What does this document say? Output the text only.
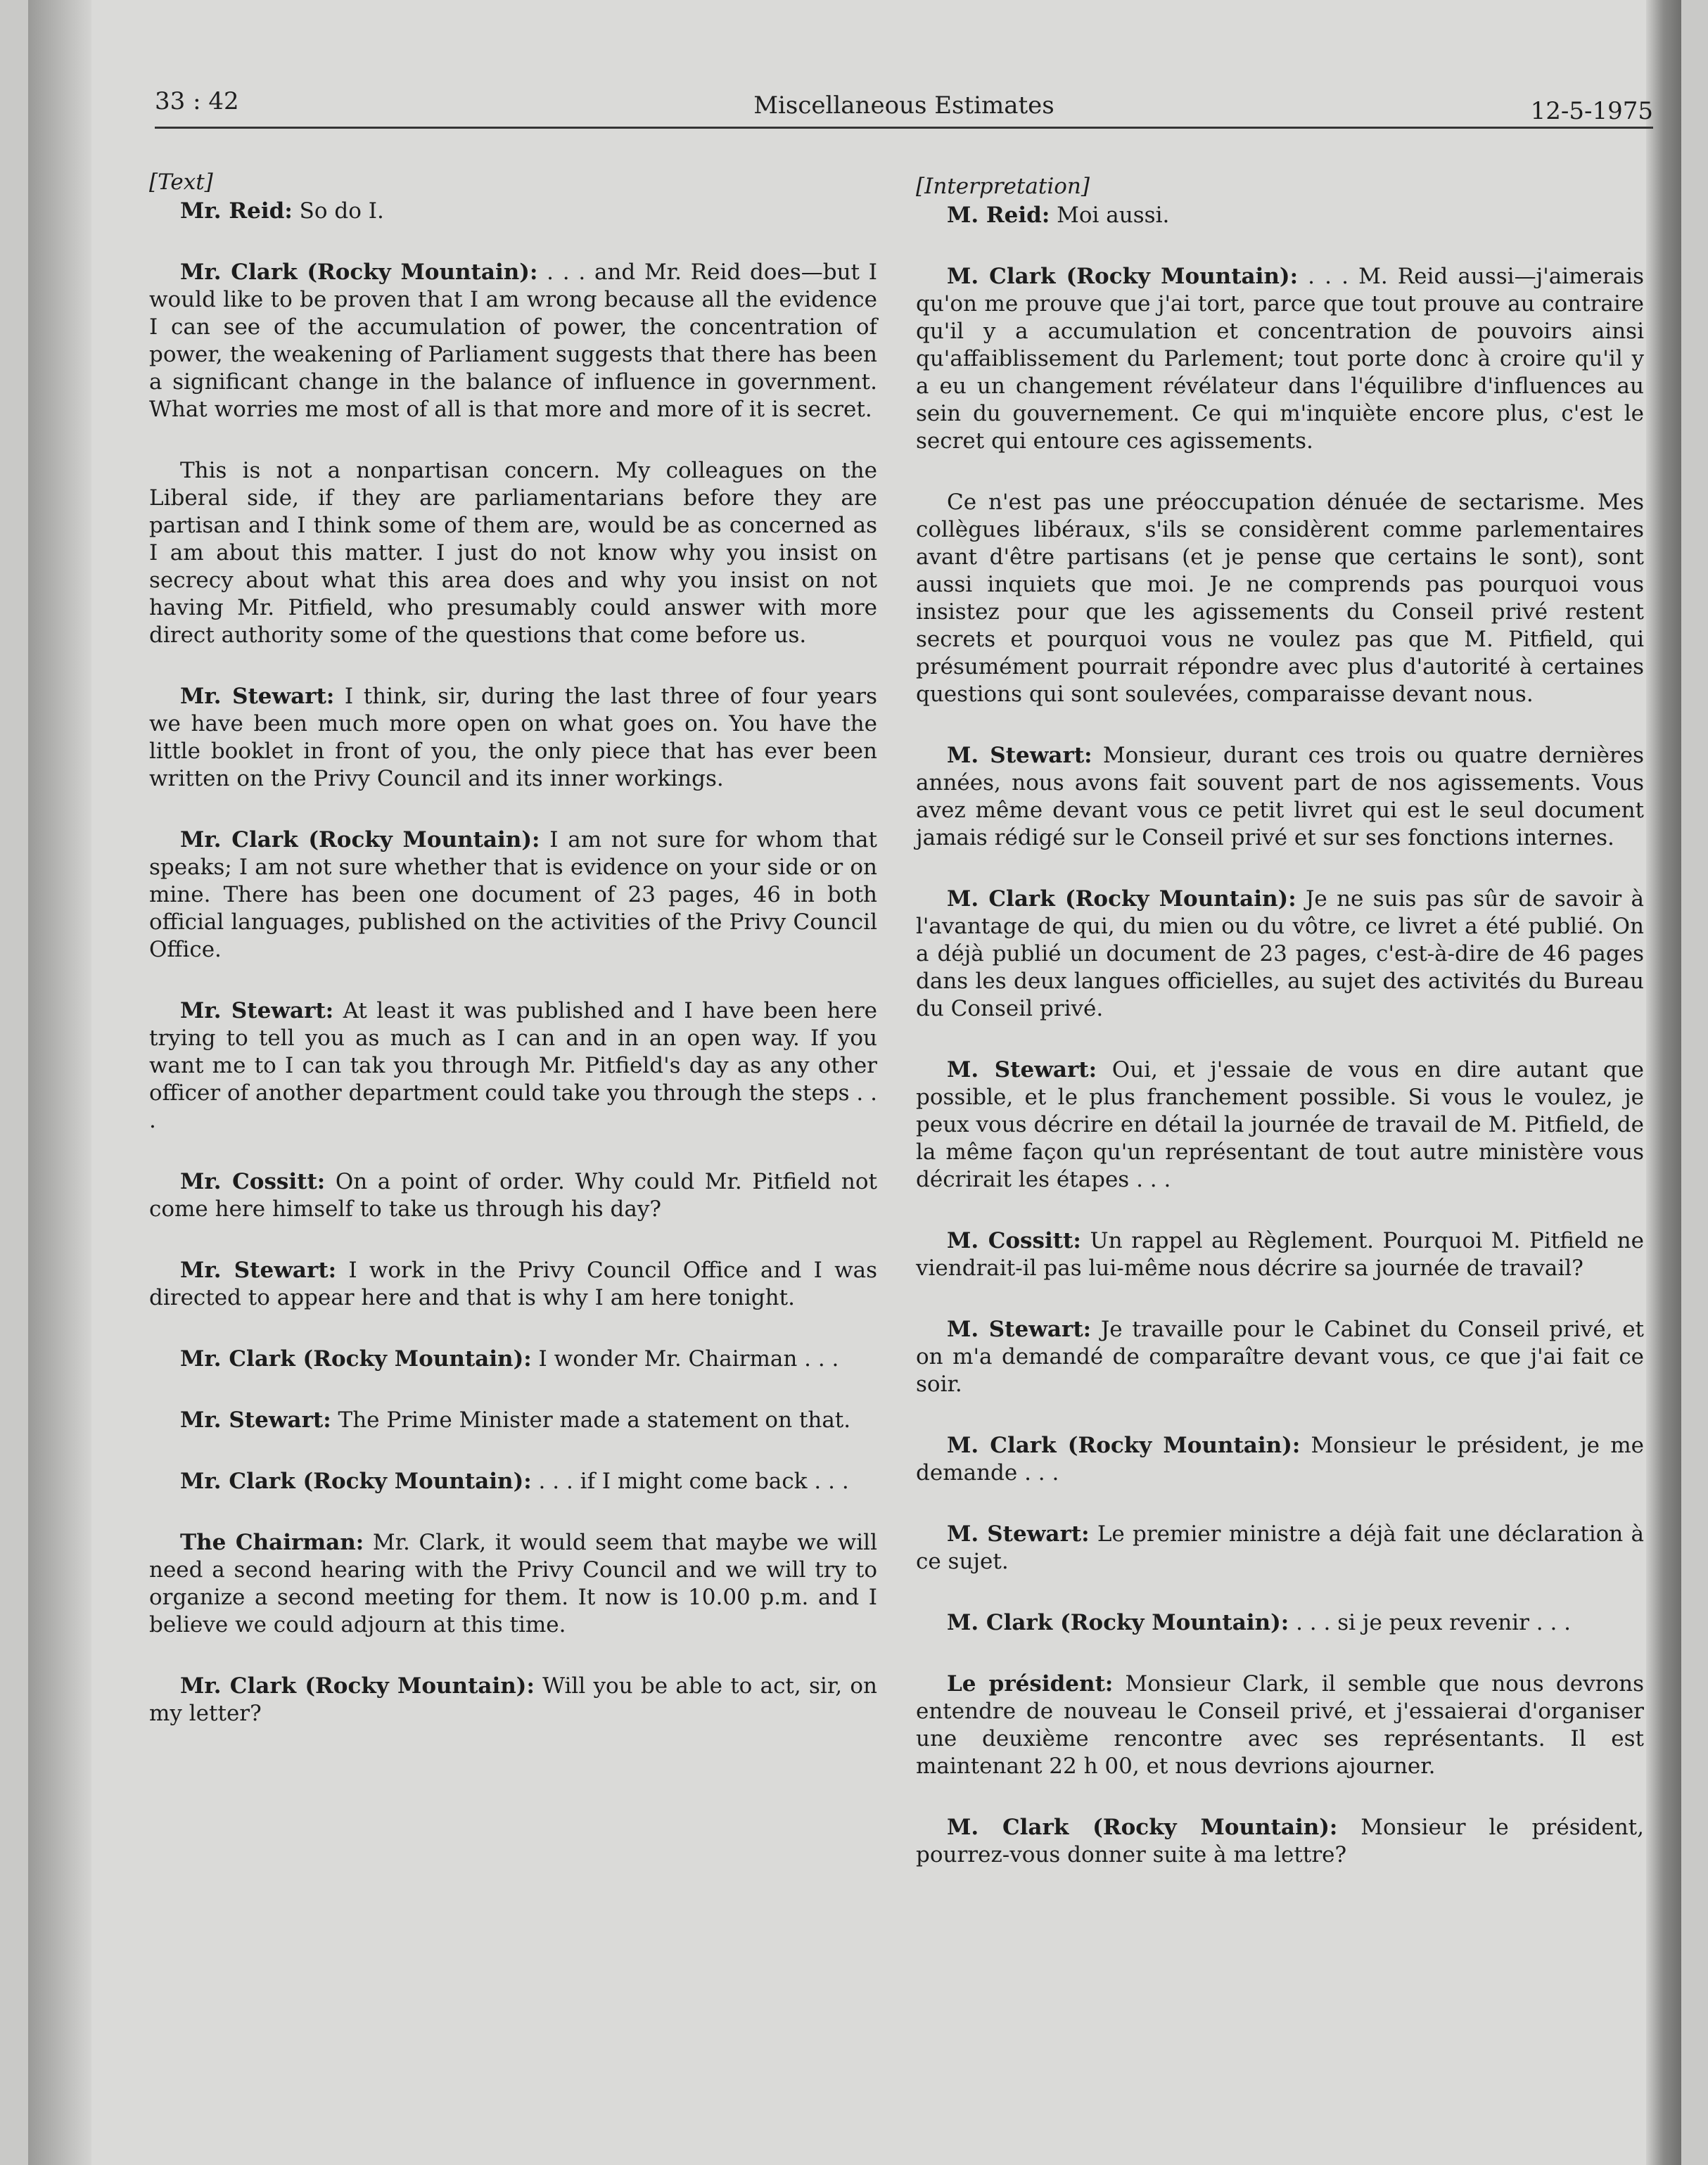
33 : 42	Miscellaneous Estimates	12-5-1975
[Text]
Mr. Reid: So do I.
Mr. Clark (Rocky Mountain): . . . and Mr. Reid does—but I would like to be proven that I am wrong because all the evidence I can see of the accumulation of power, the concentration of power, the weakening of Parliament suggests that there has been a significant change in the balance of influence in government. What worries me most of all is that more and more of it is secret.
This is not a nonpartisan concern. My colleagues on the Liberal side, if they are parliamentarians before they are partisan and I think some of them are, would be as concerned as I am about this matter. I just do not know why you insist on secrecy about what this area does and why you insist on not having Mr. Pitfield, who presumably could answer with more direct authority some of the questions that come before us.
Mr. Stewart: I think, sir, during the last three of four years we have been much more open on what goes on. You have the little booklet in front of you, the only piece that has ever been written on the Privy Council and its inner workings.
Mr. Clark (Rocky Mountain): I am not sure for whom that speaks; I am not sure whether that is evidence on your side or on mine. There has been one document of 23 pages, 46 in both official languages, published on the activities of the Privy Council Office.
Mr. Stewart: At least it was published and I have been here trying to tell you as much as I can and in an open way. If you want me to I can tak you through Mr. Pitfield's day as any other officer of another department could take you through the steps . . .
Mr. Cossitt: On a point of order. Why could Mr. Pitfield not come here himself to take us through his day?
Mr. Stewart: I work in the Privy Council Office and I was directed to appear here and that is why I am here tonight.
Mr. Clark (Rocky Mountain): I wonder Mr. Chairman . . .
Mr. Stewart: The Prime Minister made a statement on that.
Mr. Clark (Rocky Mountain): . . . if I might come back . . .
The Chairman: Mr. Clark, it would seem that maybe we will need a second hearing with the Privy Council and we will try to organize a second meeting for them. It now is 10.00 p.m. and I believe we could adjourn at this time.
Mr. Clark (Rocky Mountain): Will you be able to act, sir, on my letter?
[Interpretation]
M. Reid: Moi aussi.
M. Clark (Rocky Mountain): . . . M. Reid aussi—j'aimerais qu'on me prouve que j'ai tort, parce que tout prouve au contraire qu'il y a accumulation et concentration de pouvoirs ainsi qu'affaiblissement du Parlement; tout porte donc à croire qu'il y a eu un changement révélateur dans l'équilibre d'influences au sein du gouvernement. Ce qui m'inquiète encore plus, c'est le secret qui entoure ces agissements.
Ce n'est pas une préoccupation dénuée de sectarisme. Mes collègues libéraux, s'ils se considèrent comme parlementaires avant d'être partisans (et je pense que certains le sont), sont aussi inquiets que moi. Je ne comprends pas pourquoi vous insistez pour que les agissements du Conseil privé restent secrets et pourquoi vous ne voulez pas que M. Pitfield, qui présumément pourrait répondre avec plus d'autorité à certaines questions qui sont soulevées, comparaisse devant nous.
M. Stewart: Monsieur, durant ces trois ou quatre dernières années, nous avons fait souvent part de nos agissements. Vous avez même devant vous ce petit livret qui est le seul document jamais rédigé sur le Conseil privé et sur ses fonctions internes.
M. Clark (Rocky Mountain): Je ne suis pas sûr de savoir à l'avantage de qui, du mien ou du vôtre, ce livret a été publié. On a déjà publié un document de 23 pages, c'est-à-dire de 46 pages dans les deux langues officielles, au sujet des activités du Bureau du Conseil privé.
M. Stewart: Oui, et j'essaie de vous en dire autant que possible, et le plus franchement possible. Si vous le voulez, je peux vous décrire en détail la journée de travail de M. Pitfield, de la même façon qu'un représentant de tout autre ministère vous décrirait les étapes . . .
M. Cossitt: Un rappel au Règlement. Pourquoi M. Pitfield ne viendrait-il pas lui-même nous décrire sa journée de travail?
M. Stewart: Je travaille pour le Cabinet du Conseil privé, et on m'a demandé de comparaître devant vous, ce que j'ai fait ce soir.
M. Clark (Rocky Mountain): Monsieur le président, je me demande . . .
M. Stewart: Le premier ministre a déjà fait une déclaration à ce sujet.
M. Clark (Rocky Mountain): . . . si je peux revenir . . .
Le président: Monsieur Clark, il semble que nous devrons entendre de nouveau le Conseil privé, et j'essaierai d'organiser une deuxième rencontre avec ses représentants. Il est maintenant 22 h 00, et nous devrions ajourner.
M. Clark (Rocky Mountain): Monsieur le président, pourrez-vous donner suite à ma lettre?
